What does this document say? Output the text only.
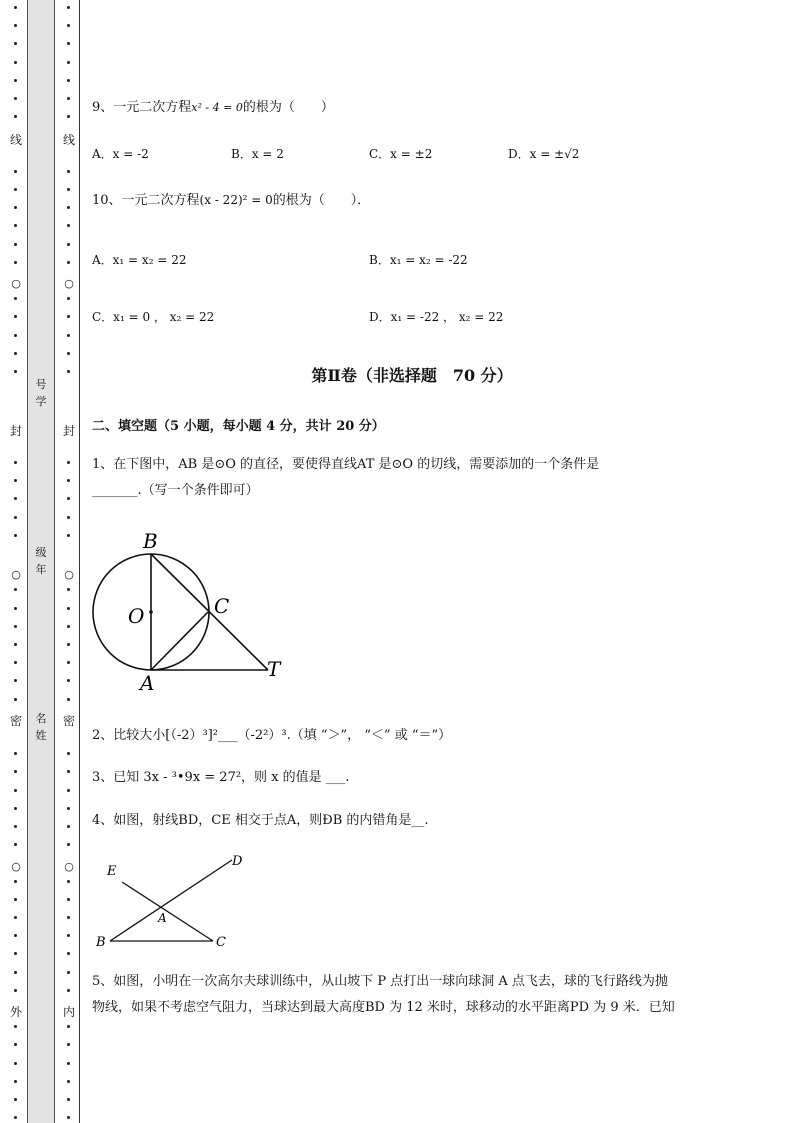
线
○
封
○
密
○
外
线
○
封
○
密
○
内
号学
级年
名姓
9、一元二次方程x² - 4 = 0的根为（　　）
A．x = -2	B．x = 2	C．x = ±2	D．x = ±√2
10、一元二次方程(x - 22)² = 0的根为（　　）．
A．x₁ = x₂ = 22	B．x₁ = x₂ = -22
C．x₁ = 0 ， x₂ = 22	D．x₁ = -22 ， x₂ = 22
第Ⅱ卷（非选择题　70 分）
二、填空题（5 小题，每小题 4 分，共计 20 分）
1、在下图中，AB 是⊙O 的直径，要使得直线AT 是⊙O 的切线，需要添加的一个条件是
_______.（写一个条件即可）
B
O	C
A
T
2、比较大小[（-2）³]²___（-2²）³.（填 “＞”， “＜” 或 “＝”）
3、已知 3x - ³•9x = 27²，则 x 的值是 ___.
4、如图，射线BD，CE 相交于点A，则ÐB 的内错角是__.
E
D
A
B	C
5、如图，小明在一次高尔夫球训练中，从山坡下 P 点打出一球向球洞 A 点飞去，球的飞行路线为抛
物线，如果不考虑空气阻力，当球达到最大高度BD 为 12 米时，球移动的水平距离PD 为 9 米．已知
